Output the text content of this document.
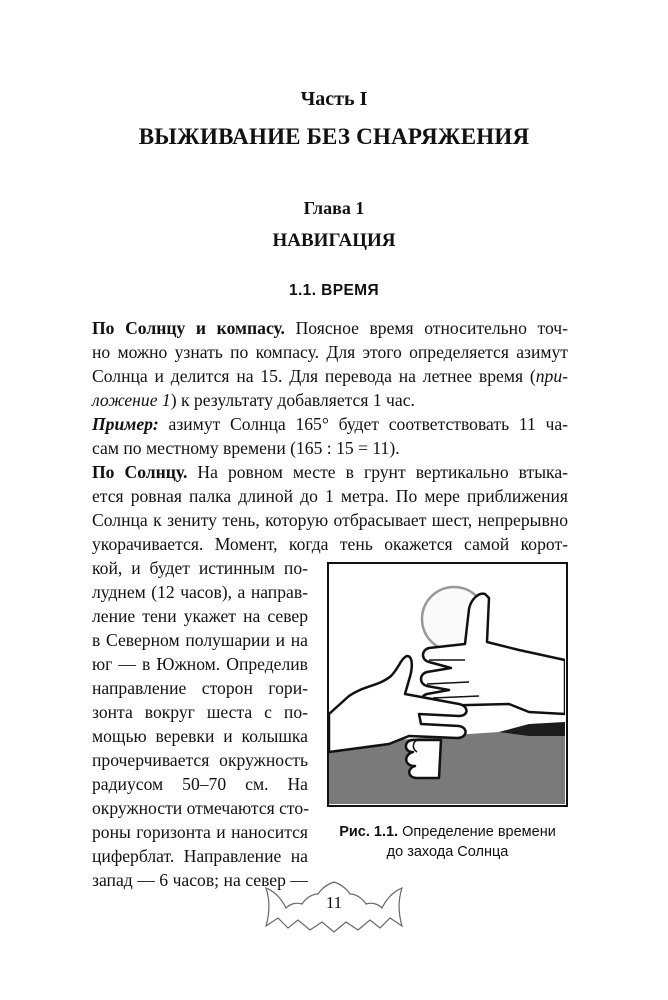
Часть I
ВЫЖИВАНИЕ БЕЗ СНАРЯЖЕНИЯ
Глава 1
НАВИГАЦИЯ
1.1. ВРЕМЯ
По Солнцу и компасу. Поясное время относительно точ-
но можно узнать по компасу. Для этого определяется азимут
Солнца и делится на 15. Для перевода на летнее время (при-
ложение 1) к результату добавляется 1 час.
Пример: азимут Солнца 165° будет соответствовать 11 ча-
сам по местному времени (165 : 15 = 11).
По Солнцу. На ровном месте в грунт вертикально втыка-
ется ровная палка длиной до 1 метра. По мере приближения
Солнца к зениту тень, которую отбрасывает шест, непрерывно
укорачивается. Момент, когда тень окажется самой корот-
кой, и будет истинным по-
луднем (12 часов), а направ-
ление тени укажет на север
в Северном полушарии и на
юг — в Южном. Определив
направление сторон гори-
зонта вокруг шеста с по-
мощью веревки и колышка
прочерчивается окружность
радиусом 50–70 см. На
окружности отмечаются сто-
роны горизонта и наносится
циферблат. Направление на
запад — 6 часов; на север —
Рис. 1.1. Определение времени
до захода Солнца
11
